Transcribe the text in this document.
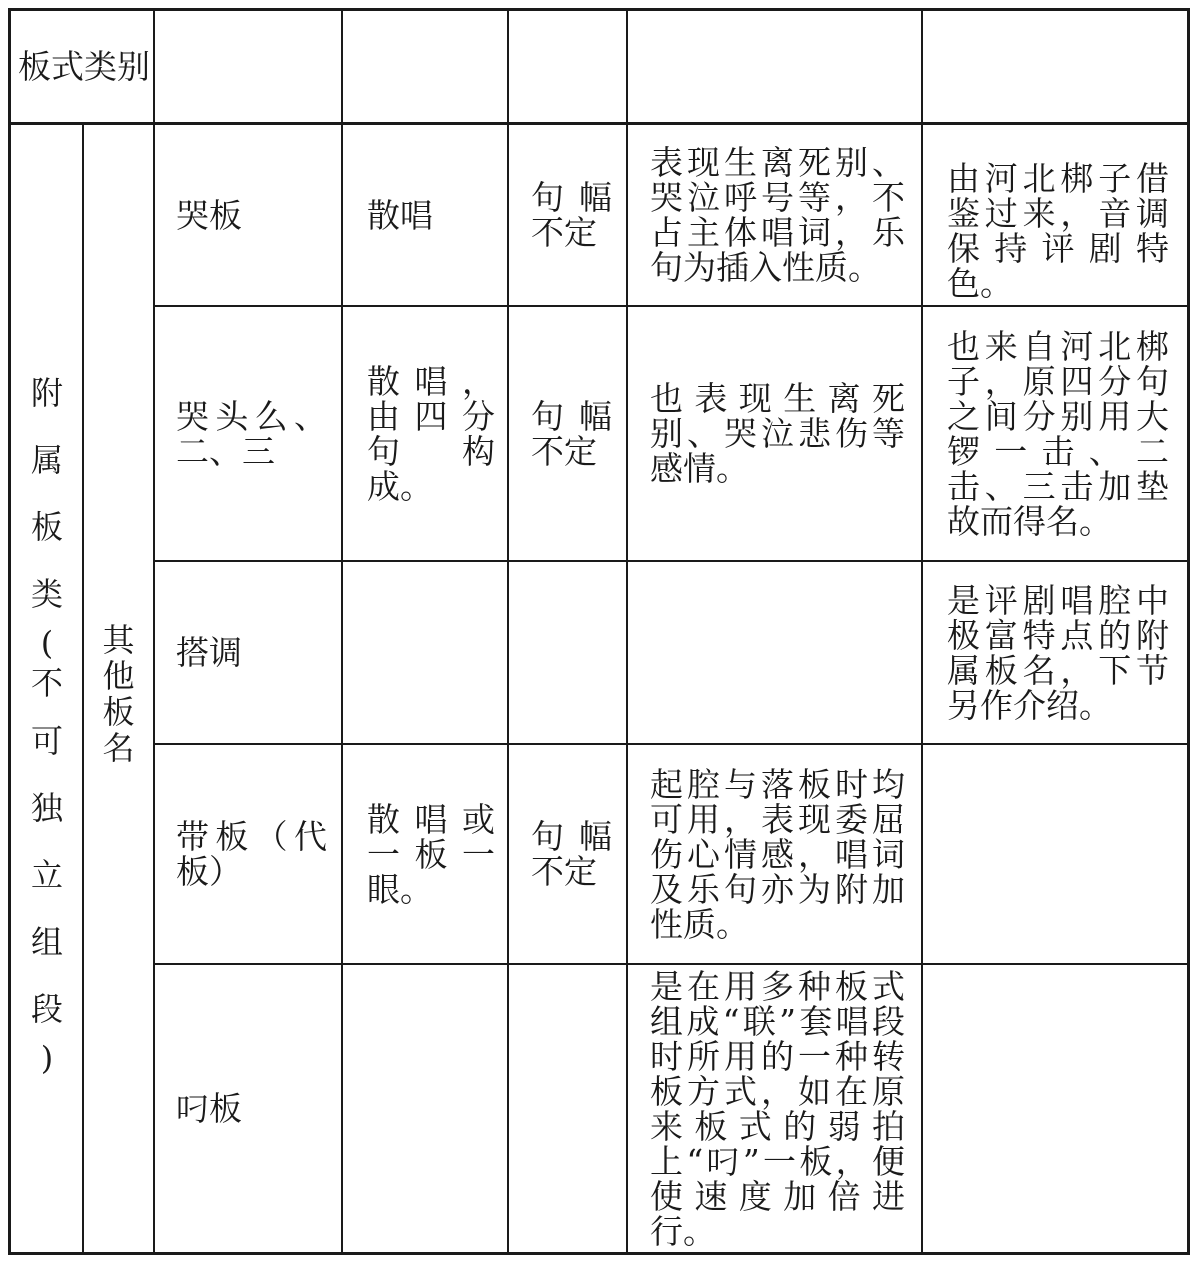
板式类别
附
属
板
类
(
不
可
独
立
组
段
)
其
他
板
名
哭板	散唱	句幅不定
表现生离死别、哭泣呼号等，不占主体唱词，乐句为插入性质。
由河北梆子借鉴过来，音调保持评剧特色。
哭头么、二、三
散唱，由四分句构成。
句幅不定
也表现生离死别、哭泣悲伤等感情。
也来自河北梆子，原四分句之间分别用大锣一击、二击、三击加垫故而得名。
搭调
是评剧唱腔中极富特点的附属板名，下节另作介绍。
带板（代板）
散唱或一板一眼。
句幅不定
起腔与落板时均可用，表现委屈伤心情感，唱词及乐句亦为附加性质。
叼板
是在用多种板式组成“联”套唱段时所用的一种转板方式，如在原来板式的弱拍上“叼”一板，便使速度加倍进行。
